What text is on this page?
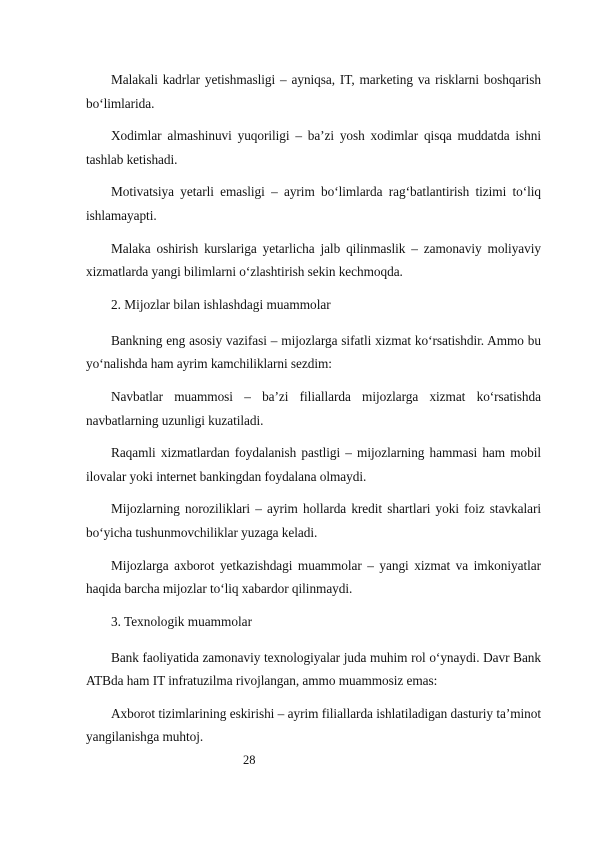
Malakali kadrlar yetishmasligi – ayniqsa, IT, marketing va risklarni boshqarish bo‘limlarida.

Xodimlar almashinuvi yuqoriligi – ba’zi yosh xodimlar qisqa muddatda ishni tashlab ketishadi.

Motivatsiya yetarli emasligi – ayrim bo‘limlarda rag‘batlantirish tizimi to‘liq ishlamayapti.

Malaka oshirish kurslariga yetarlicha jalb qilinmaslik – zamonaviy moliyaviy xizmatlarda yangi bilimlarni o‘zlashtirish sekin kechmoqda.

2. Mijozlar bilan ishlashdagi muammolar

Bankning eng asosiy vazifasi – mijozlarga sifatli xizmat ko‘rsatishdir. Ammo bu yo‘nalishda ham ayrim kamchiliklarni sezdim:

Navbatlar muammosi – ba’zi filiallarda mijozlarga xizmat ko‘rsatishda navbatlarning uzunligi kuzatiladi.

Raqamli xizmatlardan foydalanish pastligi – mijozlarning hammasi ham mobil ilovalar yoki internet bankingdan foydalana olmaydi.

Mijozlarning noroziliklari – ayrim hollarda kredit shartlari yoki foiz stavkalari bo‘yicha tushunmovchiliklar yuzaga keladi.

Mijozlarga axborot yetkazishdagi muammolar – yangi xizmat va imkoniyatlar haqida barcha mijozlar to‘liq xabardor qilinmaydi.

3. Texnologik muammolar

Bank faoliyatida zamonaviy texnologiyalar juda muhim rol o‘ynaydi. Davr Bank ATBda ham IT infratuzilma rivojlangan, ammo muammosiz emas:

Axborot tizimlarining eskirishi – ayrim filiallarda ishlatiladigan dasturiy ta’minot yangilanishga muhtoj.

28
